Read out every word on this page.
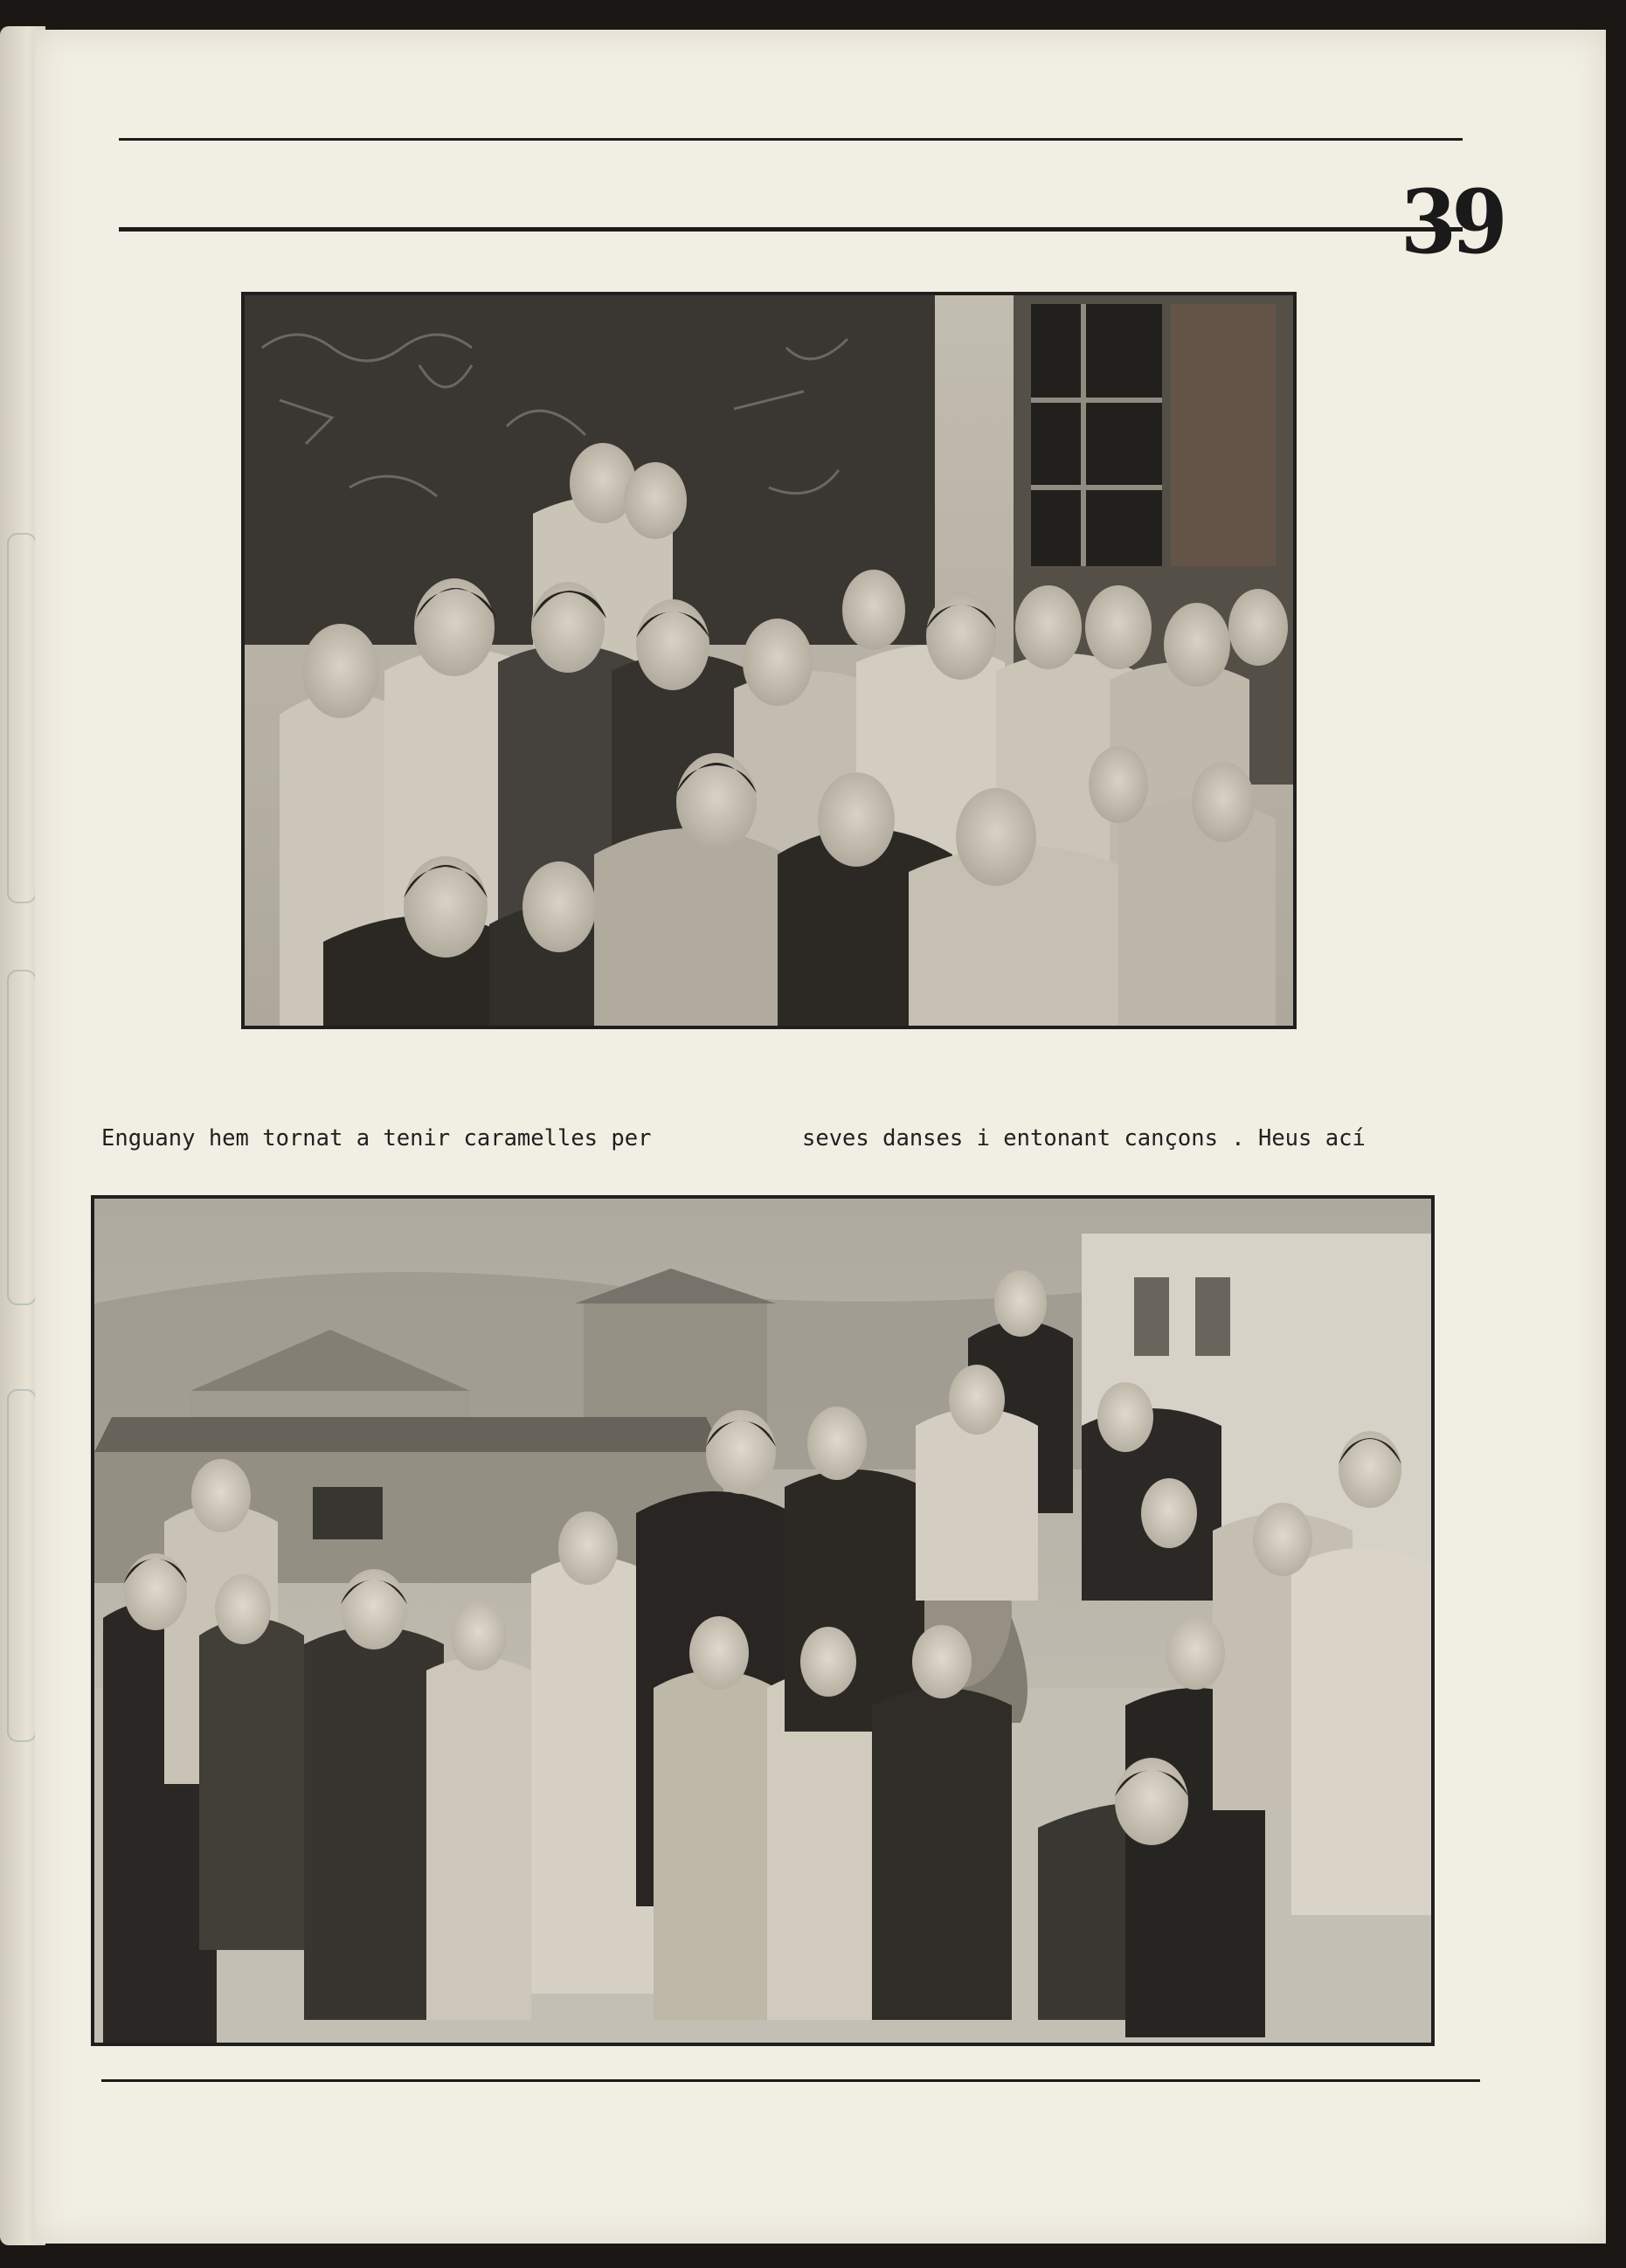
39

Enguany hem tornat a tenir caramelles per

	seves danses i entonant cançons . Heus ací
